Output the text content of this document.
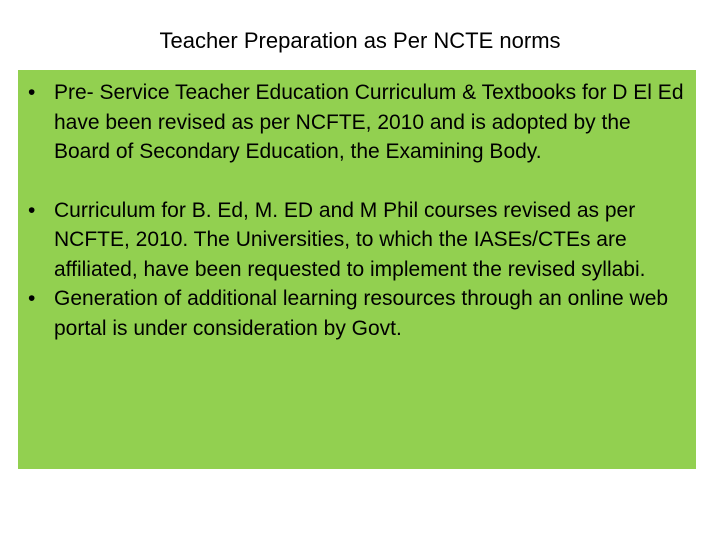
Teacher Preparation as Per NCTE norms
• Pre- Service Teacher Education Curriculum & Textbooks for D El Ed have been revised as per NCFTE, 2010 and is adopted by the Board of Secondary Education, the Examining Body.
• Curriculum for B. Ed, M. ED and M Phil courses revised as per NCFTE, 2010. The Universities, to which the IASEs/CTEs are affiliated, have been requested to implement the revised syllabi.
• Generation of additional learning resources through an online web portal is under consideration by Govt.
